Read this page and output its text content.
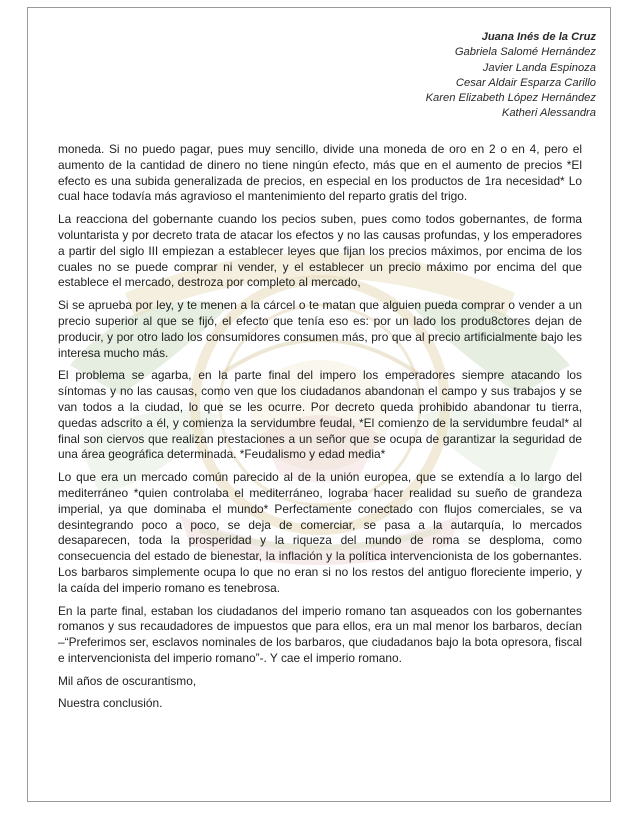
Juana Inés de la Cruz
Gabriela Salomé Hernández
Javier Landa Espinoza
Cesar Aldair Esparza Carillo
Karen Elizabeth López Hernández
Katheri Alessandra

moneda. Si no puedo pagar, pues muy sencillo, divide una moneda de oro en 2 o en 4, pero el aumento de la cantidad de dinero no tiene ningún efecto, más que en el aumento de precios *El efecto es una subida generalizada de precios, en especial en los productos de 1ra necesidad* Lo cual hace todavía más agravioso el mantenimiento del reparto gratis del trigo.

La reacciona del gobernante cuando los pecios suben, pues como todos gobernantes, de forma voluntarista y por decreto trata de atacar los efectos y no las causas profundas, y los emperadores a partir del siglo III empiezan a establecer leyes que fijan los precios máximos, por encima de los cuales no se puede comprar ni vender, y el establecer un precio máximo por encima del que establece el mercado, destroza por completo al mercado,

Si se aprueba por ley, y te menen a la cárcel o te matan que alguien pueda comprar o vender a un precio superior al que se fijó, el efecto que tenía eso es: por un lado los produ8ctores dejan de producir, y por otro lado los consumidores consumen más, pro que al precio artificialmente bajo les interesa mucho más.

El problema se agarba, en la parte final del impero los emperadores siempre atacando los síntomas y no las causas, como ven que los ciudadanos abandonan el campo y sus trabajos y se van todos a la ciudad, lo que se les ocurre. Por decreto queda prohibido abandonar tu tierra, quedas adscrito a él, y comienza la servidumbre feudal, *El comienzo de la servidumbre feudal* al final son ciervos que realizan prestaciones a un señor que se ocupa de garantizar la seguridad de una área geográfica determinada. *Feudalismo y edad media*

Lo que era un mercado común parecido al de la unión europea, que se extendía a lo largo del mediterráneo *quien controlaba el mediterráneo, lograba hacer realidad su sueño de grandeza imperial, ya que dominaba el mundo* Perfectamente conectado con flujos comerciales, se va desintegrando poco a poco, se deja de comerciar, se pasa a la autarquía, lo mercados desaparecen, toda la prosperidad y la riqueza del mundo de roma se desploma, como consecuencia del estado de bienestar, la inflación y la política intervencionista de los gobernantes. Los barbaros simplemente ocupa lo que no eran si no los restos del antiguo floreciente imperio, y la caída del imperio romano es tenebrosa.

En la parte final, estaban los ciudadanos del imperio romano tan asqueados con los gobernantes romanos y sus recaudadores de impuestos que para ellos, era un mal menor los barbaros, decían –“Preferimos ser, esclavos nominales de los barbaros, que ciudadanos bajo la bota opresora, fiscal e intervencionista del imperio romano”-. Y cae el imperio romano.

Mil años de oscurantismo,

Nuestra conclusión.
